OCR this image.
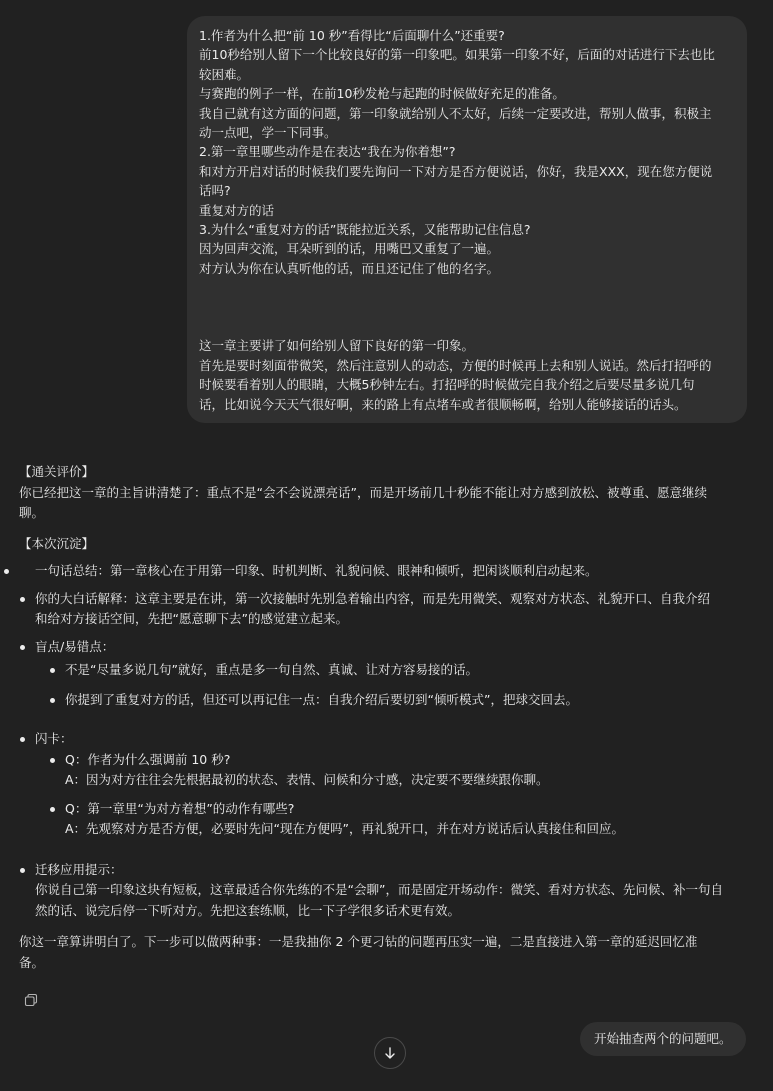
1.作者为什么把“前 10 秒”看得比“后面聊什么”还重要?
前10秒给别人留下一个比较良好的第一印象吧。如果第一印象不好，后面的对话进行下去也比
较困难。
与赛跑的例子一样，在前10秒发枪与起跑的时候做好充足的准备。
我自己就有这方面的问题，第一印象就给别人不太好，后续一定要改进，帮别人做事，积极主
动一点吧，学一下同事。
2.第一章里哪些动作是在表达“我在为你着想”?
和对方开启对话的时候我们要先询问一下对方是否方便说话，你好，我是XXX，现在您方便说
话吗?
重复对方的话
3.为什么“重复对方的话”既能拉近关系，又能帮助记住信息?
因为回声交流，耳朵听到的话，用嘴巴又重复了一遍。
对方认为你在认真听他的话，而且还记住了他的名字。
这一章主要讲了如何给别人留下良好的第一印象。
首先是要时刻面带微笑，然后注意别人的动态，方便的时候再上去和别人说话。然后打招呼的
时候要看着别人的眼睛，大概5秒钟左右。打招呼的时候做完自我介绍之后要尽量多说几句
话，比如说今天天气很好啊，来的路上有点堵车或者很顺畅啊，给别人能够接话的话头。
【通关评价】
你已经把这一章的主旨讲清楚了：重点不是“会不会说漂亮话”，而是开场前几十秒能不能让对方感到放松、被尊重、愿意继续
聊。
【本次沉淀】
一句话总结：第一章核心在于用第一印象、时机判断、礼貌问候、眼神和倾听，把闲谈顺利启动起来。
你的大白话解释：这章主要是在讲，第一次接触时先别急着输出内容，而是先用微笑、观察对方状态、礼貌开口、自我介绍
和给对方接话空间，先把“愿意聊下去”的感觉建立起来。
盲点/易错点：
不是“尽量多说几句”就好，重点是多一句自然、真诚、让对方容易接的话。
你提到了重复对方的话，但还可以再记住一点：自我介绍后要切到“倾听模式”，把球交回去。
闪卡：
Q：作者为什么强调前 10 秒?
A：因为对方往往会先根据最初的状态、表情、问候和分寸感，决定要不要继续跟你聊。
Q：第一章里“为对方着想”的动作有哪些?
A：先观察对方是否方便，必要时先问“现在方便吗”，再礼貌开口，并在对方说话后认真接住和回应。
迁移应用提示：
你说自己第一印象这块有短板，这章最适合你先练的不是“会聊”，而是固定开场动作：微笑、看对方状态、先问候、补一句自
然的话、说完后停一下听对方。先把这套练顺，比一下子学很多话术更有效。
你这一章算讲明白了。下一步可以做两种事：一是我抽你 2 个更刁钻的问题再压实一遍，二是直接进入第一章的延迟回忆准
备。
开始抽查两个的问题吧。
